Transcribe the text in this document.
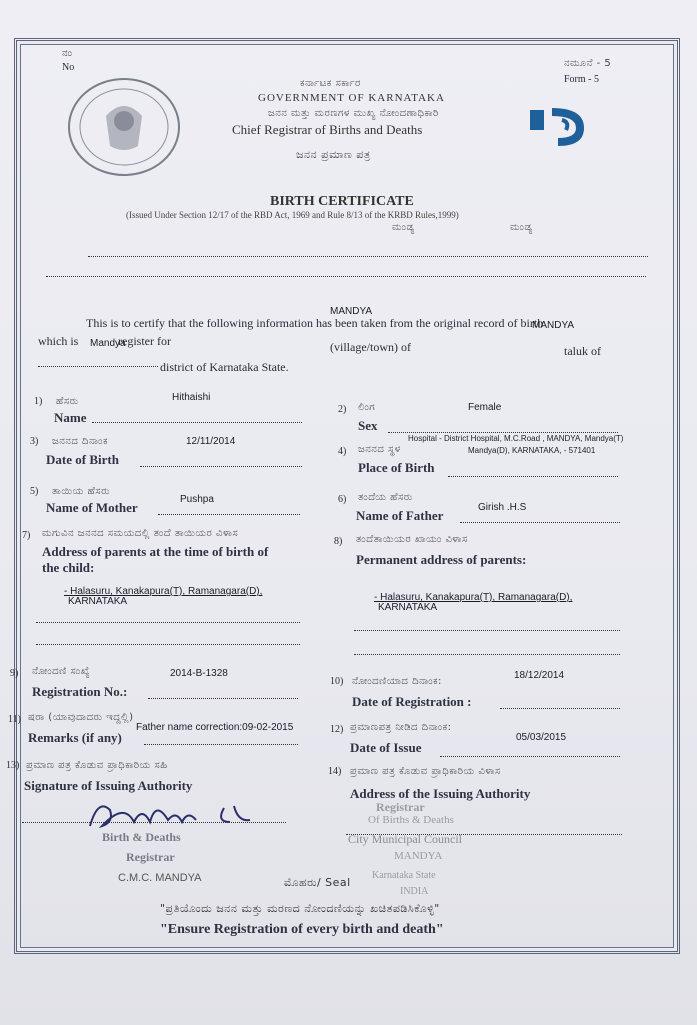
ನಂ
No	ನಮೂನೆ - 5
Form - 5
ಕರ್ನಾಟಕ ಸರ್ಕಾರ
GOVERNMENT OF KARNATAKA
ಜನನ ಮತ್ತು ಮರಣಗಳ ಮುಖ್ಯ ನೋಂದಣಾಧಿಕಾರಿ
Chief Registrar of Births and Deaths
ಜನನ ಪ್ರಮಾಣ ಪತ್ರ
BIRTH CERTIFICATE
(Issued Under Section 12/17 of the RBD Act, 1969 and Rule 8/13 of the KRBD Rules,1999)
ಮಂಡ್ಯ	ಮಂಡ್ಯ
This is to certify that the following information has been taken from the original record of birth
which is	register for	(village/town) of	taluk of
district of Karnataka State.
MANDYA
MANDYA
Mandya
1) ಹೆಸರು
Name
Hithaishi
2) ಲಿಂಗ
Sex
Female
3) ಜನನದ ದಿನಾಂಕ
Date of Birth
12/11/2014
4) ಜನನದ ಸ್ಥಳ
Place of Birth
Hospital - District Hospital, M.C.Road , MANDYA, Mandya(T)
Mandya(D), KARNATAKA, - 571401
5) ತಾಯಿಯ ಹೆಸರು
Name of Mother
Pushpa	6) ತಂದೆಯ ಹೆಸರು
Name of Father
Girish .H.S
7) ಮಗುವಿನ ಜನನದ ಸಮಯದಲ್ಲಿ ತಂದೆ ತಾಯಿಯರ ವಿಳಾಸ
Address of parents at the time of birth of
the child:
- Halasuru, Kanakapura(T), Ramanagara(D),
KARNATAKA
8) ತಂದೆತಾಯಿಯರ ಖಾಯಂ ವಿಳಾಸ
Permanent address of parents:
- Halasuru, Kanakapura(T), Ramanagara(D),
KARNATAKA
9) ನೋಂದಣಿ ಸಂಖ್ಯೆ
Registration No.:
2014-B-1328
10) ನೋಂದಣಿಯಾದ ದಿನಾಂಕ:
Date of Registration :
18/12/2014
11) ಷರಾ (ಯಾವುದಾದರು ಇದ್ದಲ್ಲಿ)
Remarks (if any)
Father name correction:09-02-2015	12) ಪ್ರಮಾಣಪತ್ರ ನೀಡಿದ ದಿನಾಂಕ:
Date of Issue
05/03/2015
13) ಪ್ರಮಾಣ ಪತ್ರ ಕೊಡುವ ಪ್ರಾಧಿಕಾರಿಯ ಸಹಿ
Signature of Issuing Authority
14) ಪ್ರಮಾಣ ಪತ್ರ ಕೊಡುವ ಪ್ರಾಧಿಕಾರಿಯ ವಿಳಾಸ
Address of the Issuing Authority
Registrar
Of Births & Deaths
City Municipal Council
MANDYA
Karnataka State
INDIA
Birth & Deaths
Registrar
C.M.C. MANDYA	ಮೊಹರು/ Seal
"ಪ್ರತಿಯೊಂದು ಜನನ ಮತ್ತು ಮರಣದ ನೋಂದಣಿಯನ್ನು ಖಚಿತಪಡಿಸಿಕೊಳ್ಳಿ"
"Ensure Registration of every birth and death"
